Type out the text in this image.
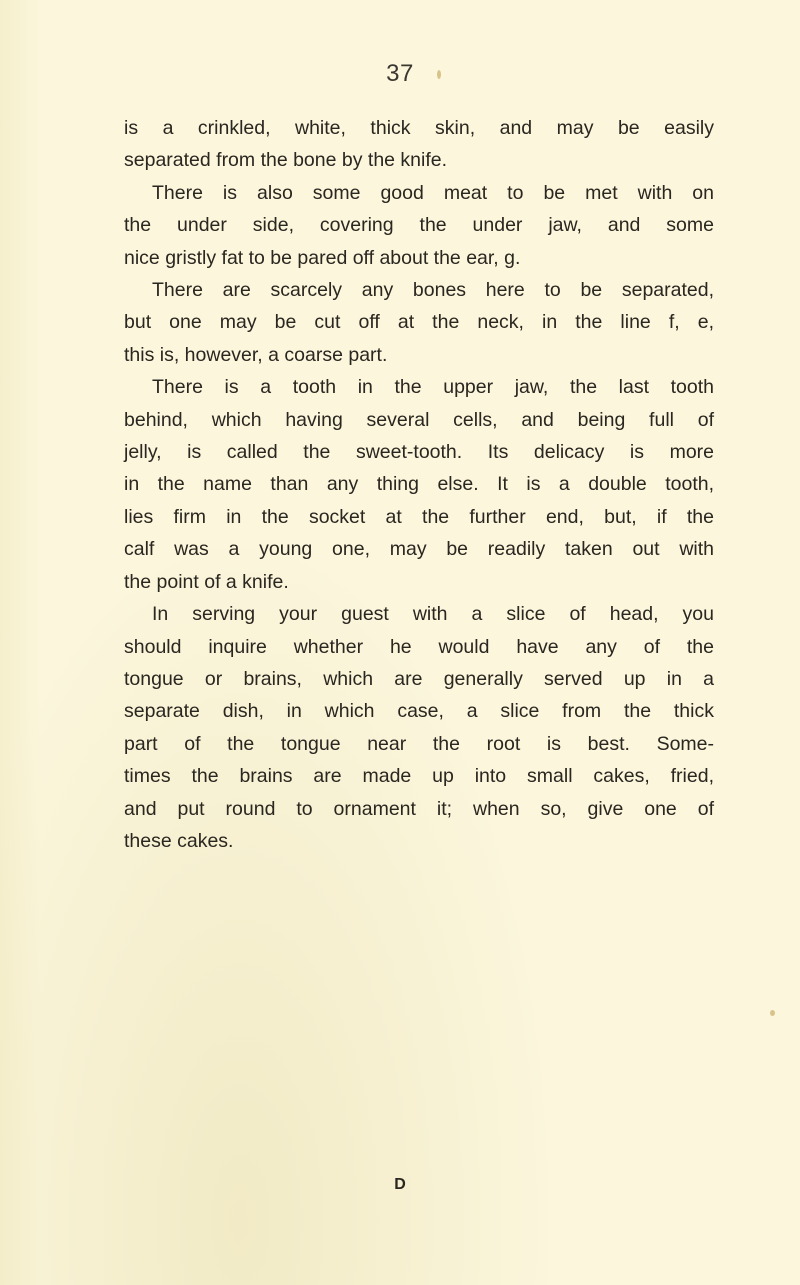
37
is a crinkled, white, thick skin, and may be easily
separated from the bone by the knife.
There is also some good meat to be met with on
the under side, covering the under jaw, and some
nice gristly fat to be pared off about the ear, g.
There are scarcely any bones here to be separated,
but one may be cut off at the neck, in the line f, e,
this is, however, a coarse part.
There is a tooth in the upper jaw, the last tooth
behind, which having several cells, and being full of
jelly, is called the sweet-tooth. Its delicacy is more
in the name than any thing else. It is a double tooth,
lies firm in the socket at the further end, but, if the
calf was a young one, may be readily taken out with
the point of a knife.
In serving your guest with a slice of head, you
should inquire whether he would have any of the
tongue or brains, which are generally served up in a
separate dish, in which case, a slice from the thick
part of the tongue near the root is best. Some-
times the brains are made up into small cakes, fried,
and put round to ornament it; when so, give one of
these cakes.
D
